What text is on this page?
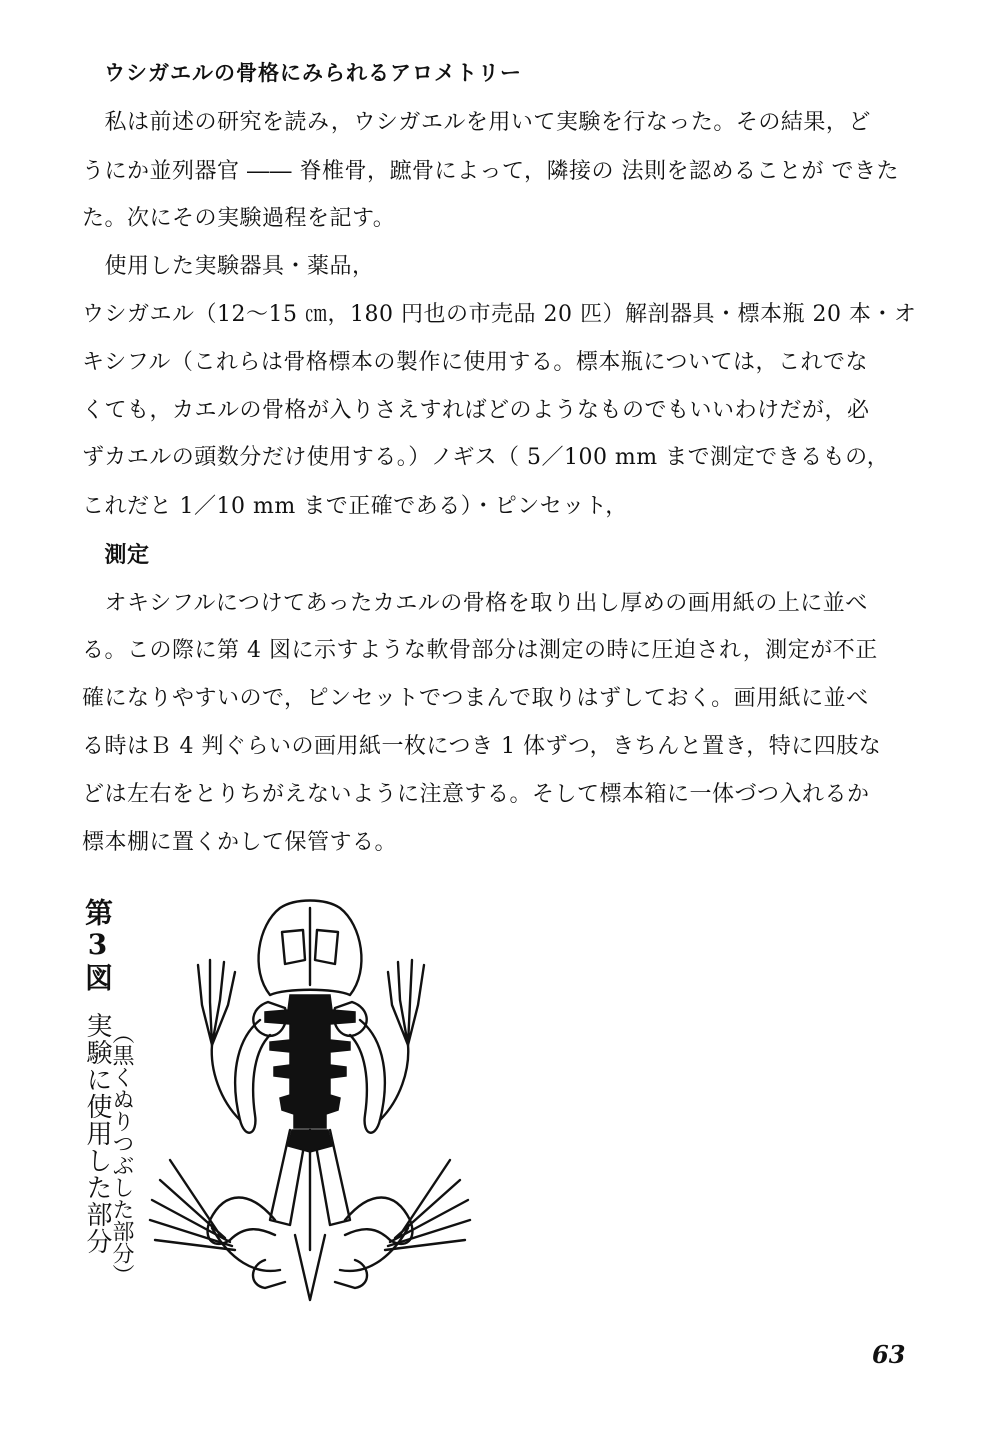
ウシガエルの骨格にみられるアロメトリー
　私は前述の研究を読み，ウシガエルを用いて実験を行なった。その結果，ど
うにか並列器官 ―― 脊椎骨，蹠骨によって，隣接の 法則を認めることが できた
た。次にその実験過程を記す。
　使用した実験器具・薬品，
ウシガエル（12～15 ㎝，180 円也の市売品 20 匹）解剖器具・標本瓶 20 本・オ
キシフル（これらは骨格標本の製作に使用する。標本瓶については，これでな
くても，カエルの骨格が入りさえすればどのようなものでもいいわけだが，必
ずカエルの頭数分だけ使用する。）ノギス（ 5／100 mm まで測定できるもの，
これだと 1／10 mm まで正確である）・ピンセット，
　測定
　オキシフルにつけてあったカエルの骨格を取り出し厚めの画用紙の上に並べ
る。この際に第 4 図に示すような軟骨部分は測定の時に圧迫され，測定が不正
確になりやすいので，ピンセットでつまんで取りはずしておく。画用紙に並べ
る時はＢ 4 判ぐらいの画用紙一枚につき 1 体ずつ，きちんと置き，特に四肢な
どは左右をとりちがえないように注意する。そして標本箱に一体づつ入れるか
標本棚に置くかして保管する。
第3図
実験に使用した部分
（黒くぬりつぶした部分）
63
